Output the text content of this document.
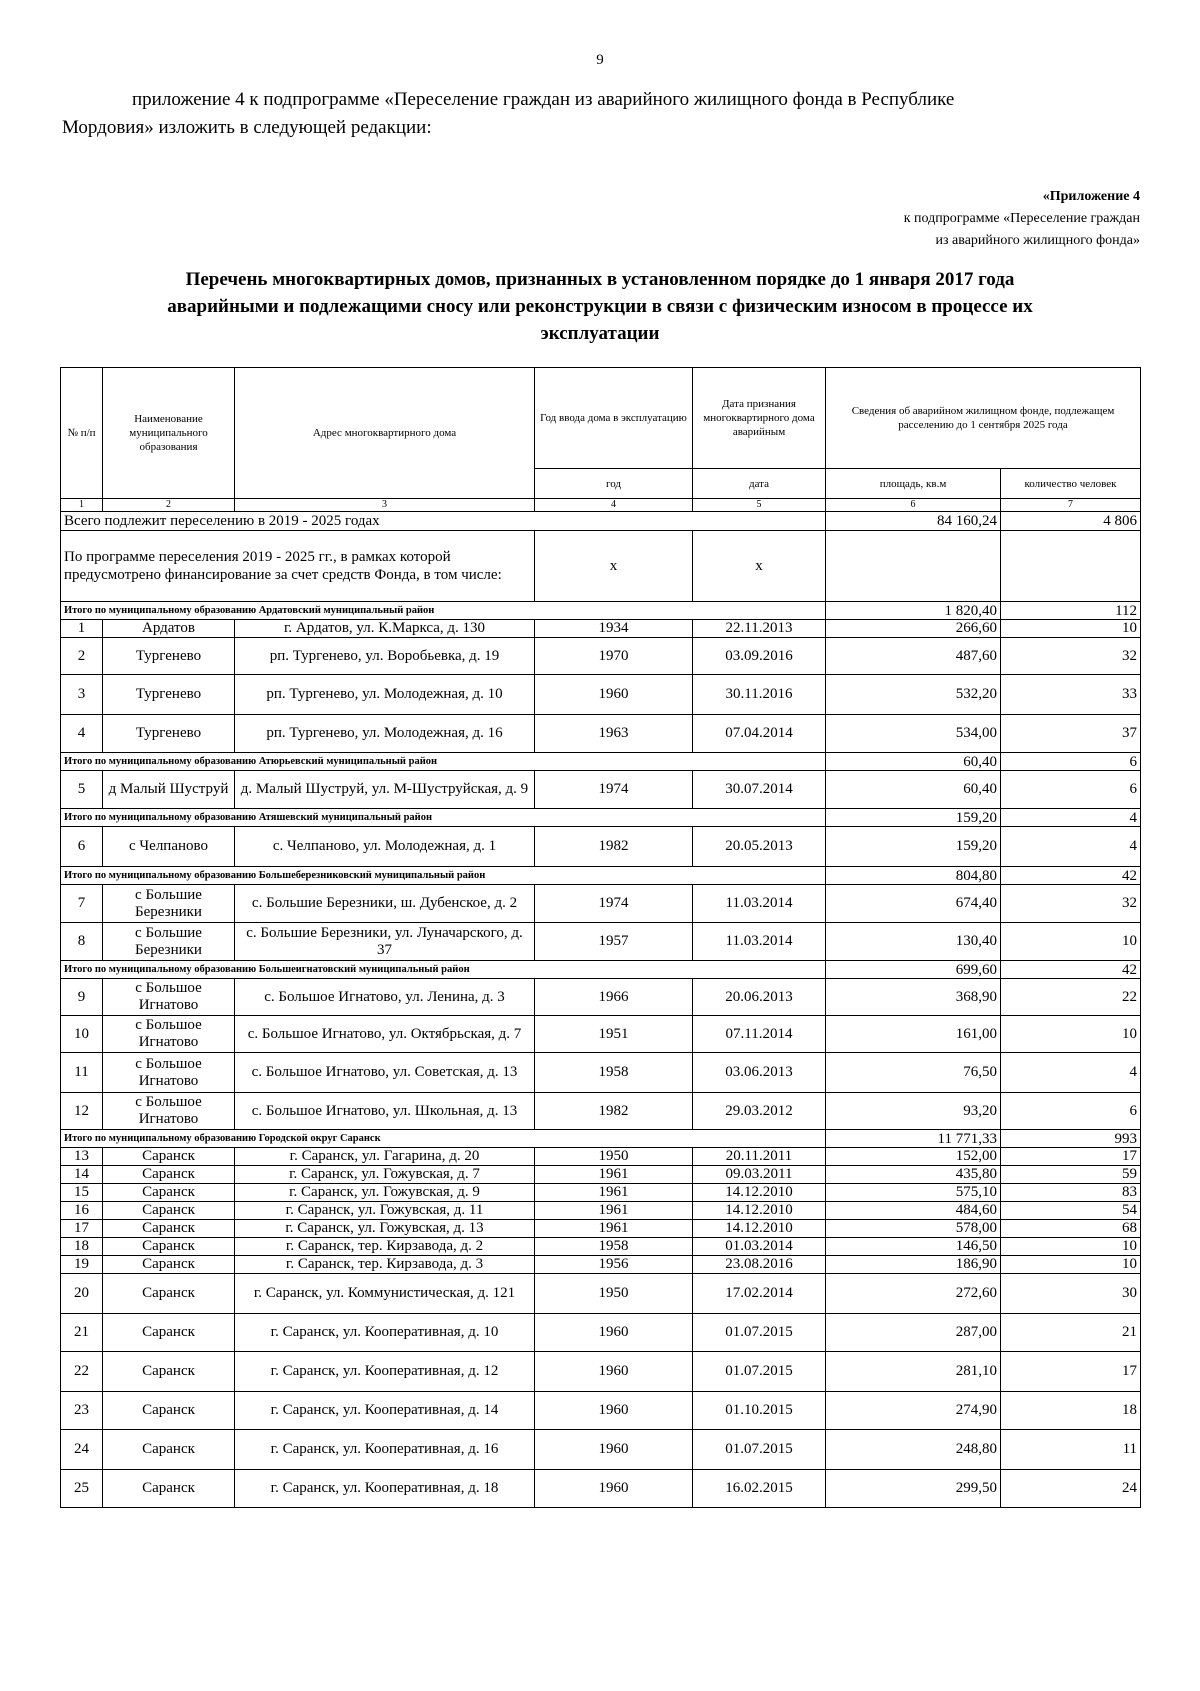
9
приложение 4 к подпрограмме «Переселение граждан из аварийного жилищного фонда в Республике
Мордовия» изложить в следующей редакции:
«Приложение 4
к подпрограмме «Переселение граждан
из аварийного жилищного фонда»
Перечень многоквартирных домов, признанных в установленном порядке до 1 января 2017 года
аварийными и подлежащими сносу или реконструкции в связи с физическим износом в процессе их
эксплуатации
№ п/п	Наименование муниципального образования	Адрес многоквартирного дома	Год ввода дома в эксплуатацию	Дата признания многоквартирного дома аварийным	Сведения об аварийном жилищном фонде, подлежащем расселению до 1 сентября 2025 года	
			год	дата	площадь, кв.м	количество человек
1	2	3	4	5	6	7
Всего подлежит переселению в 2019 - 2025 годах					84 160,24	4 806
По программе переселения 2019 - 2025 гг., в рамках которой предусмотрено финансирование за счет средств Фонда, в том числе:			х	х		
Итого по муниципальному образованию Ардатовский муниципальный район					1 820,40	112
1	Ардатов	г. Ардатов, ул. К.Маркса, д. 130	1934	22.11.2013	266,60	10
2	Тургенево	рп. Тургенево, ул. Воробьевка, д. 19	1970	03.09.2016	487,60	32
3	Тургенево	рп. Тургенево, ул. Молодежная, д. 10	1960	30.11.2016	532,20	33
4	Тургенево	рп. Тургенево, ул. Молодежная, д. 16	1963	07.04.2014	534,00	37
Итого по муниципальному образованию Атюрьевский муниципальный район					60,40	6
5	д Малый Шуструй	д. Малый Шуструй, ул. М-Шуструйская, д. 9	1974	30.07.2014	60,40	6
Итого по муниципальному образованию Атяшевский муниципальный район					159,20	4
6	с Челпаново	с. Челпаново, ул. Молодежная, д. 1	1982	20.05.2013	159,20	4
Итого по муниципальному образованию Большеберезниковский муниципальный район					804,80	42
7	с Большие Березники	с. Большие Березники, ш. Дубенское, д. 2	1974	11.03.2014	674,40	32
8	с Большие Березники	с. Большие Березники, ул. Луначарского, д. 37	1957	11.03.2014	130,40	10
Итого по муниципальному образованию Большеигнатовский муниципальный район					699,60	42
9	с Большое Игнатово	с. Большое Игнатово, ул. Ленина, д. 3	1966	20.06.2013	368,90	22
10	с Большое Игнатово	с. Большое Игнатово, ул. Октябрьская, д. 7	1951	07.11.2014	161,00	10
11	с Большое Игнатово	с. Большое Игнатово, ул. Советская, д. 13	1958	03.06.2013	76,50	4
12	с Большое Игнатово	с. Большое Игнатово, ул. Школьная, д. 13	1982	29.03.2012	93,20	6
Итого по муниципальному образованию Городской округ Саранск					11 771,33	993
13	Саранск	г. Саранск, ул. Гагарина, д. 20	1950	20.11.2011	152,00	17
14	Саранск	г. Саранск, ул. Гожувская, д. 7	1961	09.03.2011	435,80	59
15	Саранск	г. Саранск, ул. Гожувская, д. 9	1961	14.12.2010	575,10	83
16	Саранск	г. Саранск, ул. Гожувская, д. 11	1961	14.12.2010	484,60	54
17	Саранск	г. Саранск, ул. Гожувская, д. 13	1961	14.12.2010	578,00	68
18	Саранск	г. Саранск, тер. Кирзавода, д. 2	1958	01.03.2014	146,50	10
19	Саранск	г. Саранск, тер. Кирзавода, д. 3	1956	23.08.2016	186,90	10
20	Саранск	г. Саранск, ул. Коммунистическая, д. 121	1950	17.02.2014	272,60	30
21	Саранск	г. Саранск, ул. Кооперативная, д. 10	1960	01.07.2015	287,00	21
22	Саранск	г. Саранск, ул. Кооперативная, д. 12	1960	01.07.2015	281,10	17
23	Саранск	г. Саранск, ул. Кооперативная, д. 14	1960	01.10.2015	274,90	18
24	Саранск	г. Саранск, ул. Кооперативная, д. 16	1960	01.07.2015	248,80	11
25	Саранск	г. Саранск, ул. Кооперативная, д. 18	1960	16.02.2015	299,50	24
